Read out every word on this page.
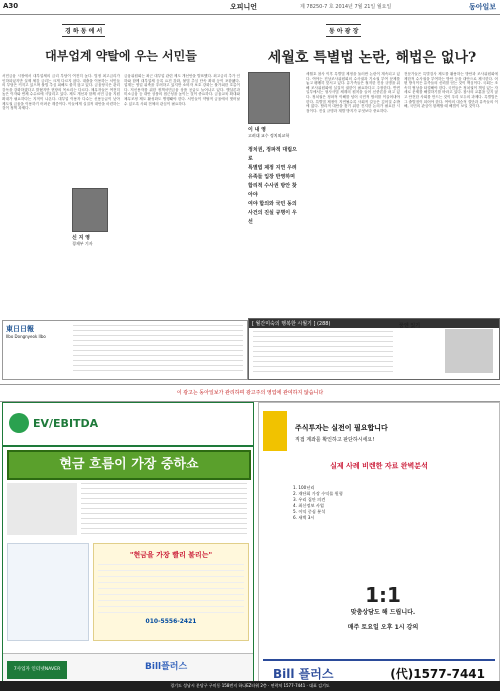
A30	오피니언	제 78250-7 호 2014년 7월 21일 월요일	동아일보
경 하 동 에 서
대부업계 약탈에 우는 서민들
서민금융 시장에서 대부업체의 금리 부담이 여전히 높다. 법정 최고금리가 인하되었지만 실제 체감 금리는 크게 다르지 않다. 대출을 이용하는 서민들의 부담은 커지고 있으며 불법 추심 피해도 줄지 않고 있다. 금융당국은 관리 감독을 강화하겠다고 밝혔지만 현장의 목소리는 다르다. 채무자들은 여전히 높은 이자와 연체 수수료에 시달리고 있다. 제도 개선과 함께 서민 금융 지원 확대가 필요하다는 지적이 나온다. 대부업 이용자 다수는 신용등급이 낮아 제도권 금융을 이용하기 어려운 계층이다. 이들에게 실질적 대안을 마련하는 것이 정책 과제다.
신 지 영
경제부 기자
금융위원회는 최근 대부업 관련 제도 개선안을 발표했다. 최고금리 추가 인하와 함께 대부업체 등록 요건 강화, 불법 추심 단속 확대 등이 포함됐다. 업계는 영업 위축을 우려하고 있지만 소비자 보호 강화는 불가피한 흐름이다. 저신용자를 위한 정책서민금융 상품 공급도 늘어나고 있다. 햇살론과 미소금융 등 대안 상품의 접근성을 높이는 것이 중요하다. 금융교육 확대와 채무조정 제도 활성화도 병행돼야 한다. 서민들이 약탈적 금융에서 벗어날 수 있도록 사회 전체의 관심이 필요하다.
동 아 광 장
세월호 특별법 논란, 해법은 없나?
이 내 영
고려대 교수 정치외교학
정치권, 정파적 대립으로
특별법 제정 지연 우려
유족들 입장 반영하며
합리적 수사권 방안 찾아야
여야 합의와 국민 동의
사건의 진실 규명이 우선
세월호 참사 이후 특별법 제정을 둘러싼 논란이 계속되고 있다. 여야는 진상조사위원회의 수사권과 기소권 부여 문제를 놓고 팽팽히 맞서고 있다. 유가족들은 철저한 진상 규명을 위해 조사위원회에 실질적 권한이 필요하다고 주장한다. 반면 일부에서는 형사사법 체계의 원칙을 들어 신중론을 펴고 있다. 정치권은 정파적 이해를 넘어 국민적 합의를 이끌어내야 한다. 특별법 제정이 지연될수록 사회적 갈등은 깊어질 수밖에 없다. 합리적 대안을 찾기 위한 진지한 논의가 필요한 시점이다. 진실 규명과 재발 방지가 무엇보다 중요하다.
전문가들은 특별검사 제도를 활용하는 방안과 조사위원회에 제한적 수사권을 부여하는 방안 등을 대안으로 제시한다. 어떤 방식이든 유족들의 신뢰를 얻는 것이 핵심이다. 국회는 조속히 협상을 타결해야 한다. 국민들은 정치권이 책임 있는 자세로 문제를 해결하기를 바라고 있다. 참사의 교훈을 잊지 않고 안전한 사회를 만드는 것이 우리 모두의 과제다. 특별법은 그 출발점이 되어야 한다. 여야의 대승적 결단과 유족들의 이해, 국민의 관심이 함께할 때 해법이 보일 것이다.
東日日報
Ilbo Dongnyeok Ilbo
[ 월간미숙의 행복한 시월기 ] (288)	꿈엔 있기
이 광고는 동아일보가 관리하며 광고주의 영업에 관여하지 않습니다
EV/EBITDA
현금 흐름이 가장 중하쇼
"현금을 가장 빨리 불리는"
010-5556-2421
7사업자 인터넷NAVER	Bill플러스
주식투자는 실전이 필요합니다
직접 계좌를 확인하고 판단하시세요!
실제 사례 비렌한 자료 완벽분석
1. 100년리
2. 재단회 가장 수익률 원형
3. 우리 집안 의견
4. 최신정보 사업
5. 이익 중심 분석
6. 새벽 3시
1:1
맞춤상담도 해 드립니다.
매주 토요일 오후 1시 강의
Bill 플러스	(代)1577-7441
경기도 성남시 분당구 구미동 158번지 하나EZ타워 2층 · 연락처 1577-7441 · 대표 김기도
